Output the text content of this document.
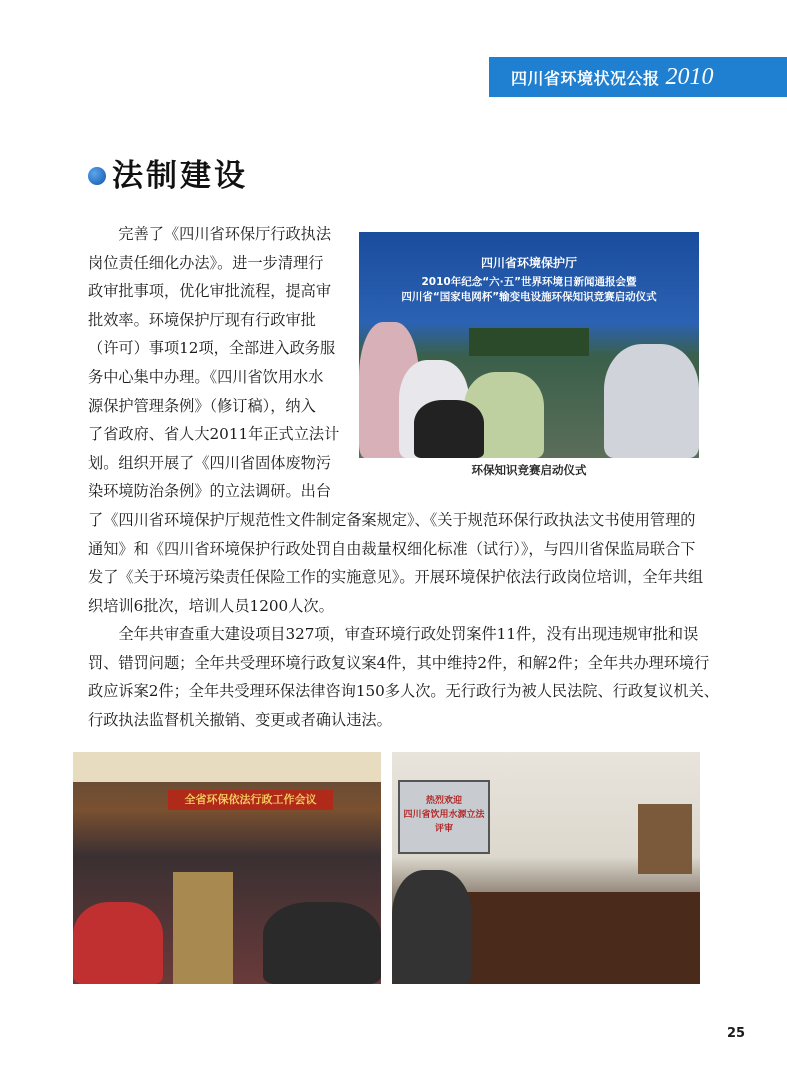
四川省环境状况公报 2010
法制建设
　　完善了《四川省环保厅行政执法
岗位责任细化办法》。进一步清理行
政审批事项，优化审批流程，提高审
批效率。环境保护厅现有行政审批
（许可）事项12项，全部进入政务服
务中心集中办理。《四川省饮用水水
源保护管理条例》（修订稿），纳入
了省政府、省人大2011年正式立法计
划。组织开展了《四川省固体废物污
染环境防治条例》的立法调研。出台
了《四川省环境保护厅规范性文件制定备案规定》、《关于规范环保行政执法文书使用管理的
通知》和《四川省环境保护行政处罚自由裁量权细化标准（试行）》，与四川省保监局联合下
发了《关于环境污染责任保险工作的实施意见》。开展环境保护依法行政岗位培训，全年共组
织培训6批次，培训人员1200人次。
　　全年共审查重大建设项目327项，审查环境行政处罚案件11件，没有出现违规审批和误
罚、错罚问题；全年共受理环境行政复议案4件，其中维持2件，和解2件；全年共办理环境行
政应诉案2件；全年共受理环保法律咨询150多人次。无行政行为被人民法院、行政复议机关、
行政执法监督机关撤销、变更或者确认违法。
四川省环境保护厅
2010年纪念“六·五”世界环境日新闻通报会暨
四川省“国家电网杯”输变电设施环保知识竞赛启动仪式
环保知识竞赛启动仪式
全省环保依法行政工作会议	热烈欢迎
四川省饮用水源立法评审
25
